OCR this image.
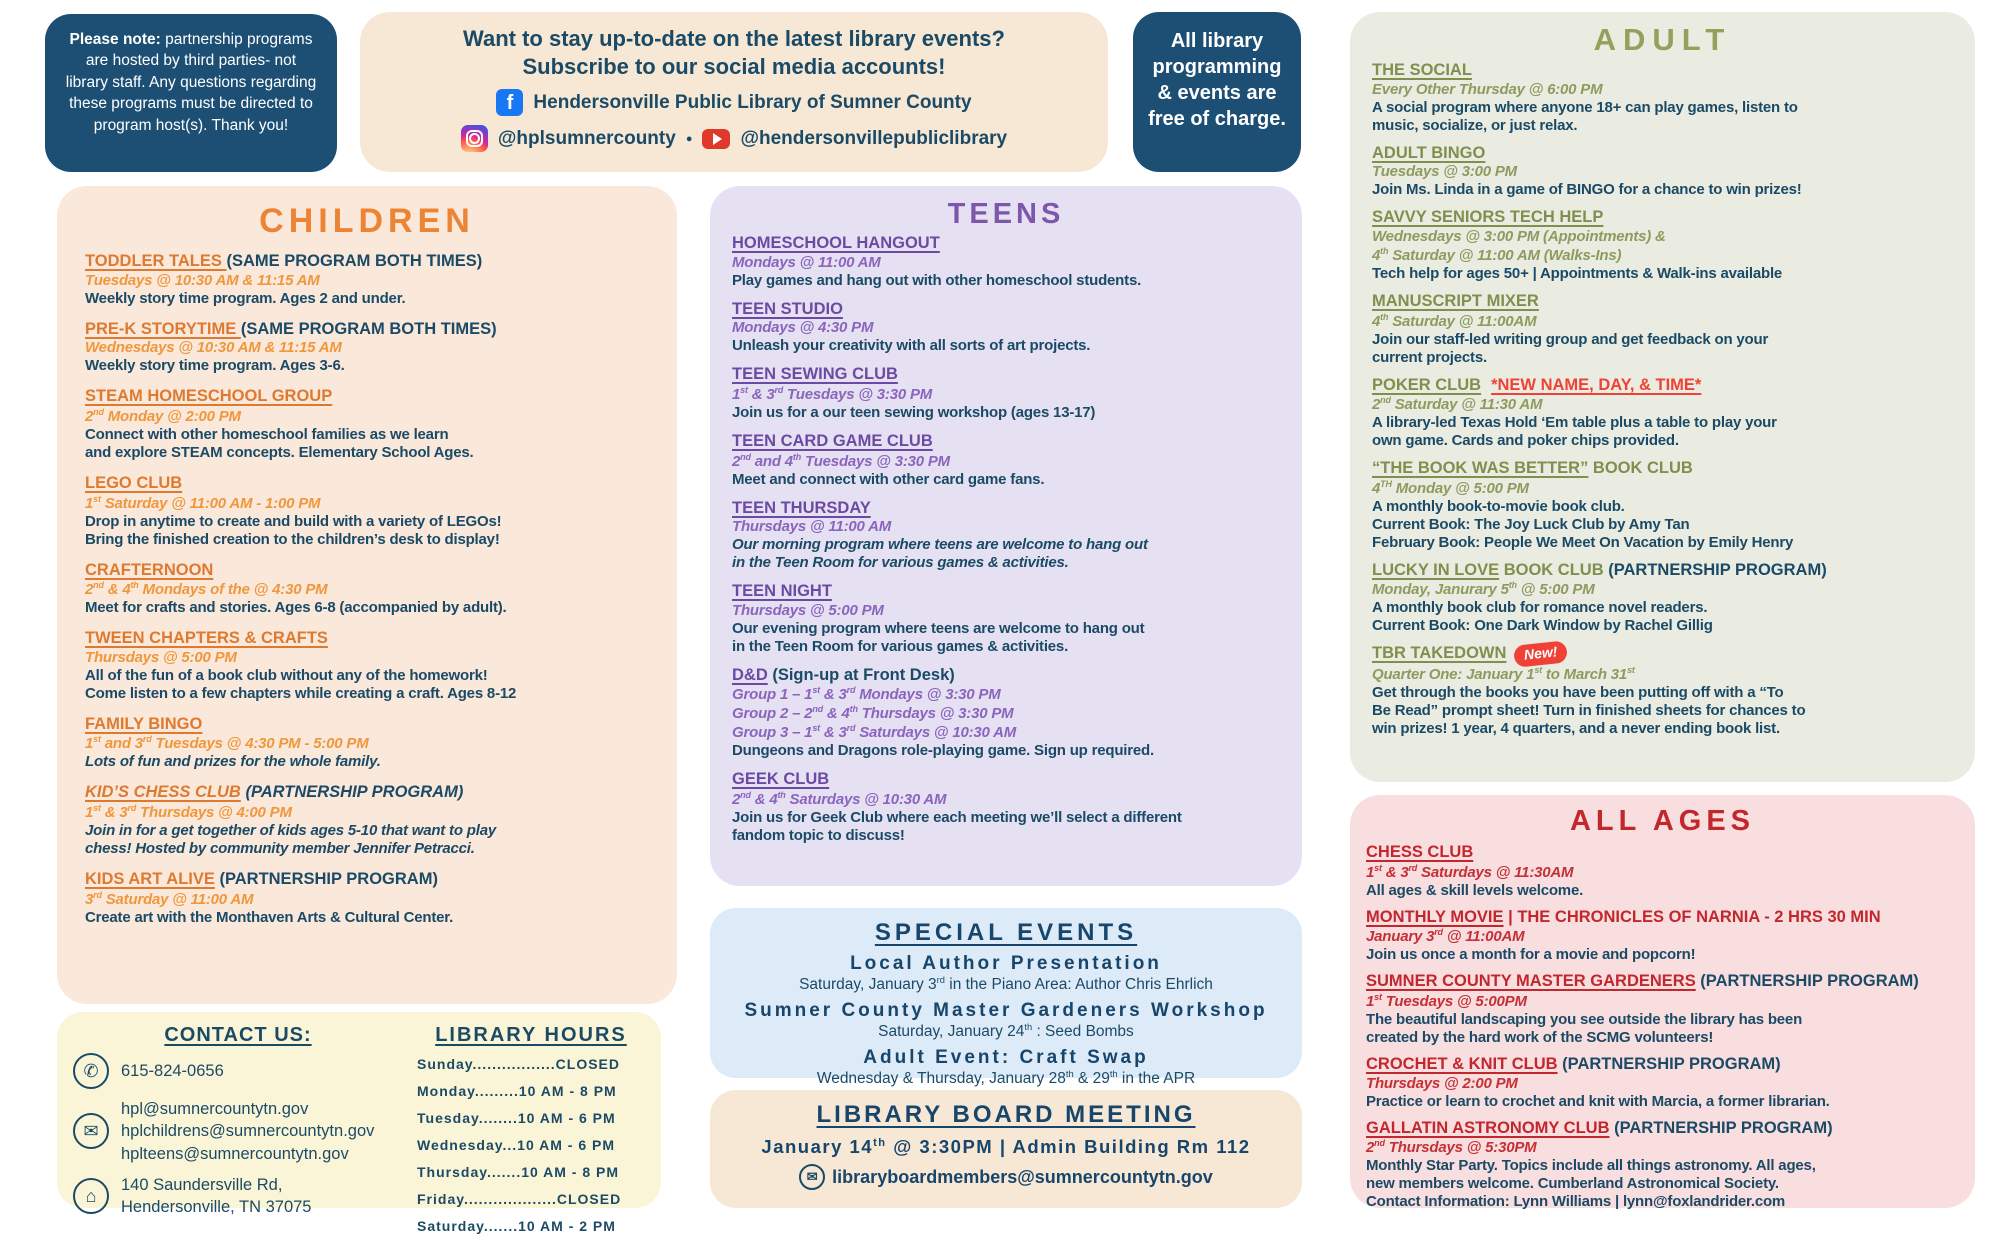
Please note: partnership programs are hosted by third parties- not library staff. Any questions regarding these programs must be directed to program host(s). Thank you!
Want to stay up-to-date on the latest library events?
Subscribe to our social media accounts!
f Hendersonville Public Library of Sumner County
@hplsumnercounty ●	@hendersonvillepubliclibrary
All library programming & events are free of charge.
CHILDREN
TODDLER TALES (SAME PROGRAM BOTH TIMES)
Tuesdays @ 10:30 AM & 11:15 AM
Weekly story time program. Ages 2 and under.
PRE-K STORYTIME (SAME PROGRAM BOTH TIMES)
Wednesdays @ 10:30 AM & 11:15 AM
Weekly story time program. Ages 3-6.
STEAM HOMESCHOOL GROUP
2nd Monday @ 2:00 PM
Connect with other homeschool families as we learn
and explore STEAM concepts. Elementary School Ages.
LEGO CLUB
1st Saturday @ 11:00 AM - 1:00 PM
Drop in anytime to create and build with a variety of LEGOs!
Bring the finished creation to the children’s desk to display!
CRAFTERNOON
2nd & 4th Mondays of the @ 4:30 PM
Meet for crafts and stories. Ages 6-8 (accompanied by adult).
TWEEN CHAPTERS & CRAFTS
Thursdays @ 5:00 PM
All of the fun of a book club without any of the homework!
Come listen to a few chapters while creating a craft. Ages 8-12
FAMILY BINGO
1st and 3rd Tuesdays @ 4:30 PM - 5:00 PM
Lots of fun and prizes for the whole family.
KID’S CHESS CLUB (PARTNERSHIP PROGRAM)
1st & 3rd Thursdays @ 4:00 PM
Join in for a get together of kids ages 5-10 that want to play
chess! Hosted by community member Jennifer Petracci.
KIDS ART ALIVE (PARTNERSHIP PROGRAM)
3rd Saturday @ 11:00 AM
Create art with the Monthaven Arts & Cultural Center.
TEENS
HOMESCHOOL HANGOUT
Mondays @ 11:00 AM
Play games and hang out with other homeschool students.
TEEN STUDIO
Mondays @ 4:30 PM
Unleash your creativity with all sorts of art projects.
TEEN SEWING CLUB
1st & 3rd Tuesdays @ 3:30 PM
Join us for a our teen sewing workshop (ages 13-17)
TEEN CARD GAME CLUB
2nd and 4th Tuesdays @ 3:30 PM
Meet and connect with other card game fans.
TEEN THURSDAY
Thursdays @ 11:00 AM
Our morning program where teens are welcome to hang out
in the Teen Room for various games & activities.
TEEN NIGHT
Thursdays @ 5:00 PM
Our evening program where teens are welcome to hang out
in the Teen Room for various games & activities.
D&D (Sign-up at Front Desk)
Group 1 – 1st & 3rd Mondays @ 3:30 PM
Group 2 – 2nd & 4th Thursdays @ 3:30 PM
Group 3 – 1st & 3rd Saturdays @ 10:30 AM
Dungeons and Dragons role-playing game. Sign up required.
GEEK CLUB
2nd & 4th Saturdays @ 10:30 AM
Join us for Geek Club where each meeting we’ll select a different
fandom topic to discuss!
SPECIAL EVENTS
Local Author Presentation
Saturday, January 3rd in the Piano Area: Author Chris Ehrlich
Sumner County Master Gardeners Workshop
Saturday, January 24th : Seed Bombs
Adult Event: Craft Swap
Wednesday & Thursday, January 28th & 29th in the APR
LIBRARY BOARD MEETING
January 14th @ 3:30PM | Admin Building Rm 112
✉ libraryboardmembers@sumnercountytn.gov
ADULT
THE SOCIAL
Every Other Thursday @ 6:00 PM
A social program where anyone 18+ can play games, listen to
music, socialize, or just relax.
ADULT BINGO
Tuesdays @ 3:00 PM
Join Ms. Linda in a game of BINGO for a chance to win prizes!
SAVVY SENIORS TECH HELP
Wednesdays @ 3:00 PM (Appointments) &
4th Saturday @ 11:00 AM (Walks-Ins)
Tech help for ages 50+ | Appointments & Walk-ins available
MANUSCRIPT MIXER
4th Saturday @ 11:00AM
Join our staff-led writing group and get feedback on your
current projects.
POKER CLUB *NEW NAME, DAY, & TIME*
2nd Saturday @ 11:30 AM
A library-led Texas Hold ‘Em table plus a table to play your
own game. Cards and poker chips provided.
“THE BOOK WAS BETTER” BOOK CLUB
4TH Monday @ 5:00 PM
A monthly book-to-movie book club.
Current Book: The Joy Luck Club by Amy Tan
February Book: People We Meet On Vacation by Emily Henry
LUCKY IN LOVE BOOK CLUB (PARTNERSHIP PROGRAM)
Monday, Janurary 5th @ 5:00 PM
A monthly book club for romance novel readers.
Current Book: One Dark Window by Rachel Gillig
TBR TAKEDOWN New!
Quarter One: January 1st to March 31st
Get through the books you have been putting off with a “To
Be Read” prompt sheet! Turn in finished sheets for chances to
win prizes! 1 year, 4 quarters, and a never ending book list.
ALL AGES
CHESS CLUB
1st & 3rd Saturdays @ 11:30AM
All ages & skill levels welcome.
MONTHLY MOVIE | THE CHRONICLES OF NARNIA - 2 HRS 30 MIN
January 3rd @ 11:00AM
Join us once a month for a movie and popcorn!
SUMNER COUNTY MASTER GARDENERS (PARTNERSHIP PROGRAM)
1st Tuesdays @ 5:00PM
The beautiful landscaping you see outside the library has been
created by the hard work of the SCMG volunteers!
CROCHET & KNIT CLUB (PARTNERSHIP PROGRAM)
Thursdays @ 2:00 PM
Practice or learn to crochet and knit with Marcia, a former librarian.
GALLATIN ASTRONOMY CLUB (PARTNERSHIP PROGRAM)
2nd Thursdays @ 5:30PM
Monthly Star Party. Topics include all things astronomy. All ages,
new members welcome. Cumberland Astronomical Society.
Contact Information: Lynn Williams | lynn@foxlandrider.com
CONTACT US:
✆ 615-824-0656
✉
hpl@sumnercountytn.gov
hplchildrens@sumnercountytn.gov
hplteens@sumnercountytn.gov
⌂
140 Saundersville Rd,
Hendersonville, TN 37075
LIBRARY HOURS
Sunday.................CLOSED
Monday.........10 AM - 8 PM
Tuesday........10 AM - 6 PM
Wednesday...10 AM - 6 PM
Thursday.......10 AM - 8 PM
Friday...................CLOSED
Saturday.......10 AM - 2 PM
